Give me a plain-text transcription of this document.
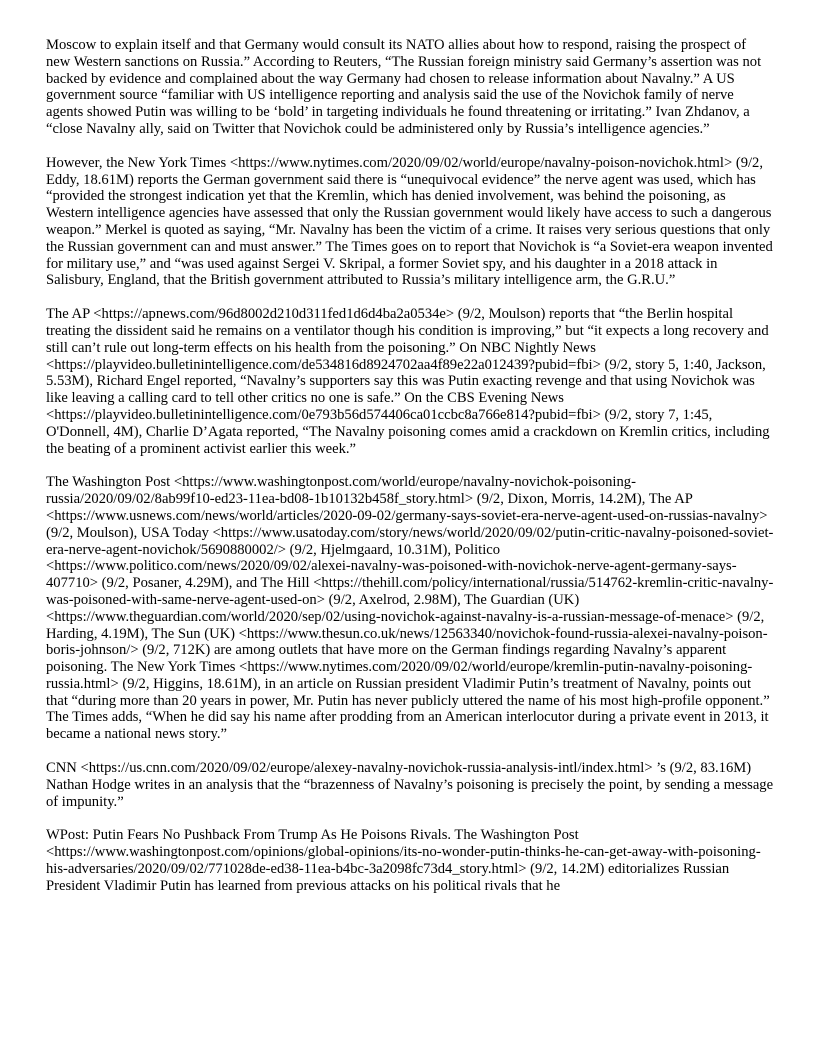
Moscow to explain itself and that Germany would consult its NATO allies about how to respond, raising the prospect of new Western sanctions on Russia.” According to Reuters, “The Russian foreign ministry said Germany’s assertion was not backed by evidence and complained about the way Germany had chosen to release information about Navalny.” A US government source “familiar with US intelligence reporting and analysis said the use of the Novichok family of nerve agents showed Putin was willing to be ‘bold’ in targeting individuals he found threatening or irritating.” Ivan Zhdanov, a “close Navalny ally, said on Twitter that Novichok could be administered only by Russia’s intelligence agencies.”

However, the New York Times <https://www.nytimes.com/2020/09/02/world/europe/navalny-poison-novichok.html> (9/2, Eddy, 18.61M) reports the German government said there is “unequivocal evidence” the nerve agent was used, which has “provided the strongest indication yet that the Kremlin, which has denied involvement, was behind the poisoning, as Western intelligence agencies have assessed that only the Russian government would likely have access to such a dangerous weapon.” Merkel is quoted as saying, “Mr. Navalny has been the victim of a crime. It raises very serious questions that only the Russian government can and must answer.” The Times goes on to report that Novichok is “a Soviet-era weapon invented for military use,” and “was used against Sergei V. Skripal, a former Soviet spy, and his daughter in a 2018 attack in Salisbury, England, that the British government attributed to Russia’s military intelligence arm, the G.R.U.”

The AP <https://apnews.com/96d8002d210d311fed1d6d4ba2a0534e> (9/2, Moulson) reports that “the Berlin hospital treating the dissident said he remains on a ventilator though his condition is improving,” but “it expects a long recovery and still can’t rule out long-term effects on his health from the poisoning.” On NBC Nightly News <https://playvideo.bulletinintelligence.com/de534816d8924702aa4f89e22a012439?pubid=fbi> (9/2, story 5, 1:40, Jackson, 5.53M), Richard Engel reported, “Navalny’s supporters say this was Putin exacting revenge and that using Novichok was like leaving a calling card to tell other critics no one is safe.” On the CBS Evening News <https://playvideo.bulletinintelligence.com/0e793b56d574406ca01ccbc8a766e814?pubid=fbi> (9/2, story 7, 1:45, O'Donnell, 4M), Charlie D’Agata reported, “The Navalny poisoning comes amid a crackdown on Kremlin critics, including the beating of a prominent activist earlier this week.”

The Washington Post <https://www.washingtonpost.com/world/europe/navalny-novichok-poisoning-russia/2020/09/02/8ab99f10-ed23-11ea-bd08-1b10132b458f_story.html> (9/2, Dixon, Morris, 14.2M), The AP <https://www.usnews.com/news/world/articles/2020-09-02/germany-says-soviet-era-nerve-agent-used-on-russias-navalny> (9/2, Moulson), USA Today <https://www.usatoday.com/story/news/world/2020/09/02/putin-critic-navalny-poisoned-soviet-era-nerve-agent-novichok/5690880002/> (9/2, Hjelmgaard, 10.31M), Politico <https://www.politico.com/news/2020/09/02/alexei-navalny-was-poisoned-with-novichok-nerve-agent-germany-says-407710> (9/2, Posaner, 4.29M), and The Hill <https://thehill.com/policy/international/russia/514762-kremlin-critic-navalny-was-poisoned-with-same-nerve-agent-used-on> (9/2, Axelrod, 2.98M), The Guardian (UK) <https://www.theguardian.com/world/2020/sep/02/using-novichok-against-navalny-is-a-russian-message-of-menace> (9/2, Harding, 4.19M), The Sun (UK) <https://www.thesun.co.uk/news/12563340/novichok-found-russia-alexei-navalny-poison-boris-johnson/> (9/2, 712K) are among outlets that have more on the German findings regarding Navalny’s apparent poisoning. The New York Times <https://www.nytimes.com/2020/09/02/world/europe/kremlin-putin-navalny-poisoning-russia.html> (9/2, Higgins, 18.61M), in an article on Russian president Vladimir Putin’s treatment of Navalny, points out that “during more than 20 years in power, Mr. Putin has never publicly uttered the name of his most high-profile opponent.” The Times adds, “When he did say his name after prodding from an American interlocutor during a private event in 2013, it became a national news story.”

CNN <https://us.cnn.com/2020/09/02/europe/alexey-navalny-novichok-russia-analysis-intl/index.html> ’s (9/2, 83.16M) Nathan Hodge writes in an analysis that the “brazenness of Navalny’s poisoning is precisely the point, by sending a message of impunity.”

WPost: Putin Fears No Pushback From Trump As He Poisons Rivals. The Washington Post <https://www.washingtonpost.com/opinions/global-opinions/its-no-wonder-putin-thinks-he-can-get-away-with-poisoning-his-adversaries/2020/09/02/771028de-ed38-11ea-b4bc-3a2098fc73d4_story.html> (9/2, 14.2M) editorializes Russian President Vladimir Putin has learned from previous attacks on his political rivals that he
